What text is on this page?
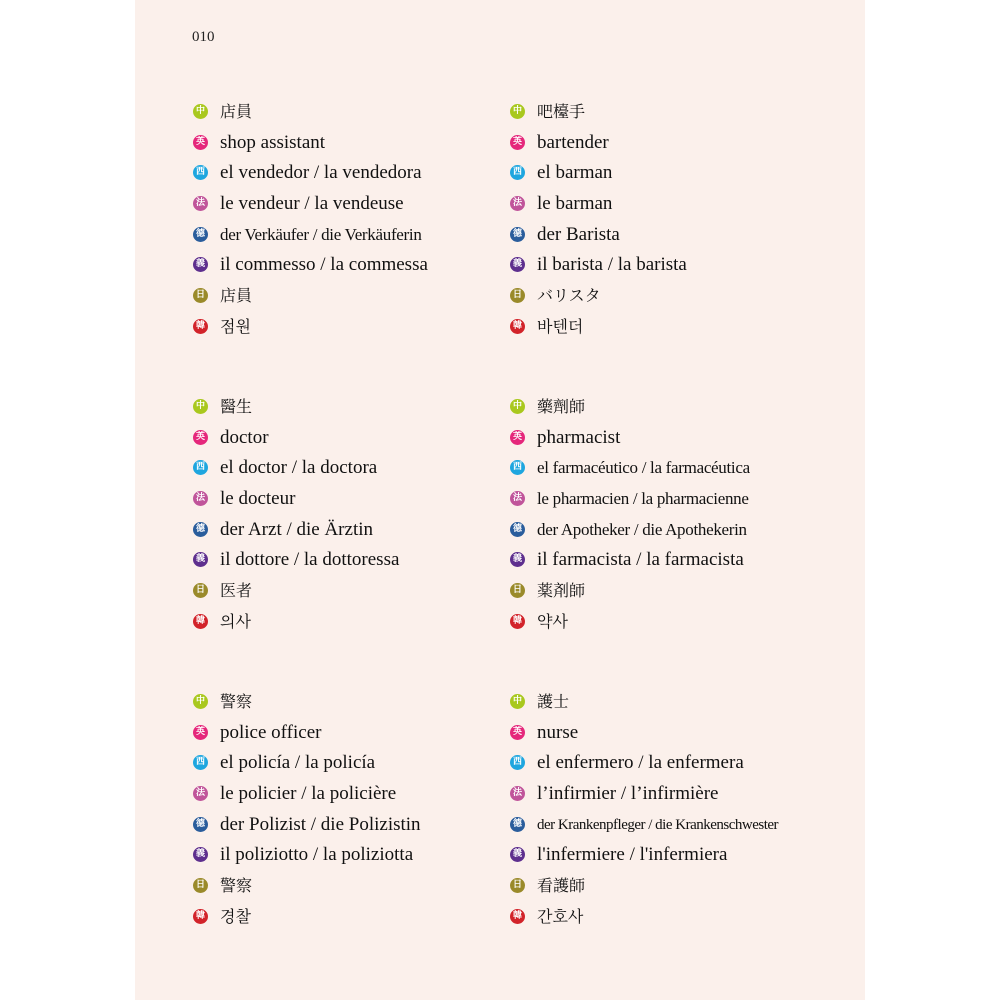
010
中 店員
英 shop assistant
西 el vendedor / la vendedora
法 le vendeur / la vendeuse
德 der Verkäufer / die Verkäuferin
義 il commesso / la commessa
日 店員
韓 점원
中 吧檯手
英 bartender
西 el barman
法 le barman
德 der Barista
義 il barista / la barista
日 バリスタ
韓 바텐더
中 醫生
英 doctor
西 el doctor / la doctora
法 le docteur
德 der Arzt / die Ärztin
義 il dottore / la dottoressa
日 医者
韓 의사
中 藥劑師
英 pharmacist
西 el farmacéutico / la farmacéutica
法 le pharmacien / la pharmacienne
德 der Apotheker / die Apothekerin
義 il farmacista / la farmacista
日 薬剤師
韓 약사
中 警察
英 police officer
西 el policía / la policía
法 le policier / la policière
德 der Polizist / die Polizistin
義 il poliziotto / la poliziotta
日 警察
韓 경찰
中 護士
英 nurse
西 el enfermero / la enfermera
法 l’infirmier / l’infirmière
德 der Krankenpfleger / die Krankenschwester
義 l'infermiere / l'infermiera
日 看護師
韓 간호사
